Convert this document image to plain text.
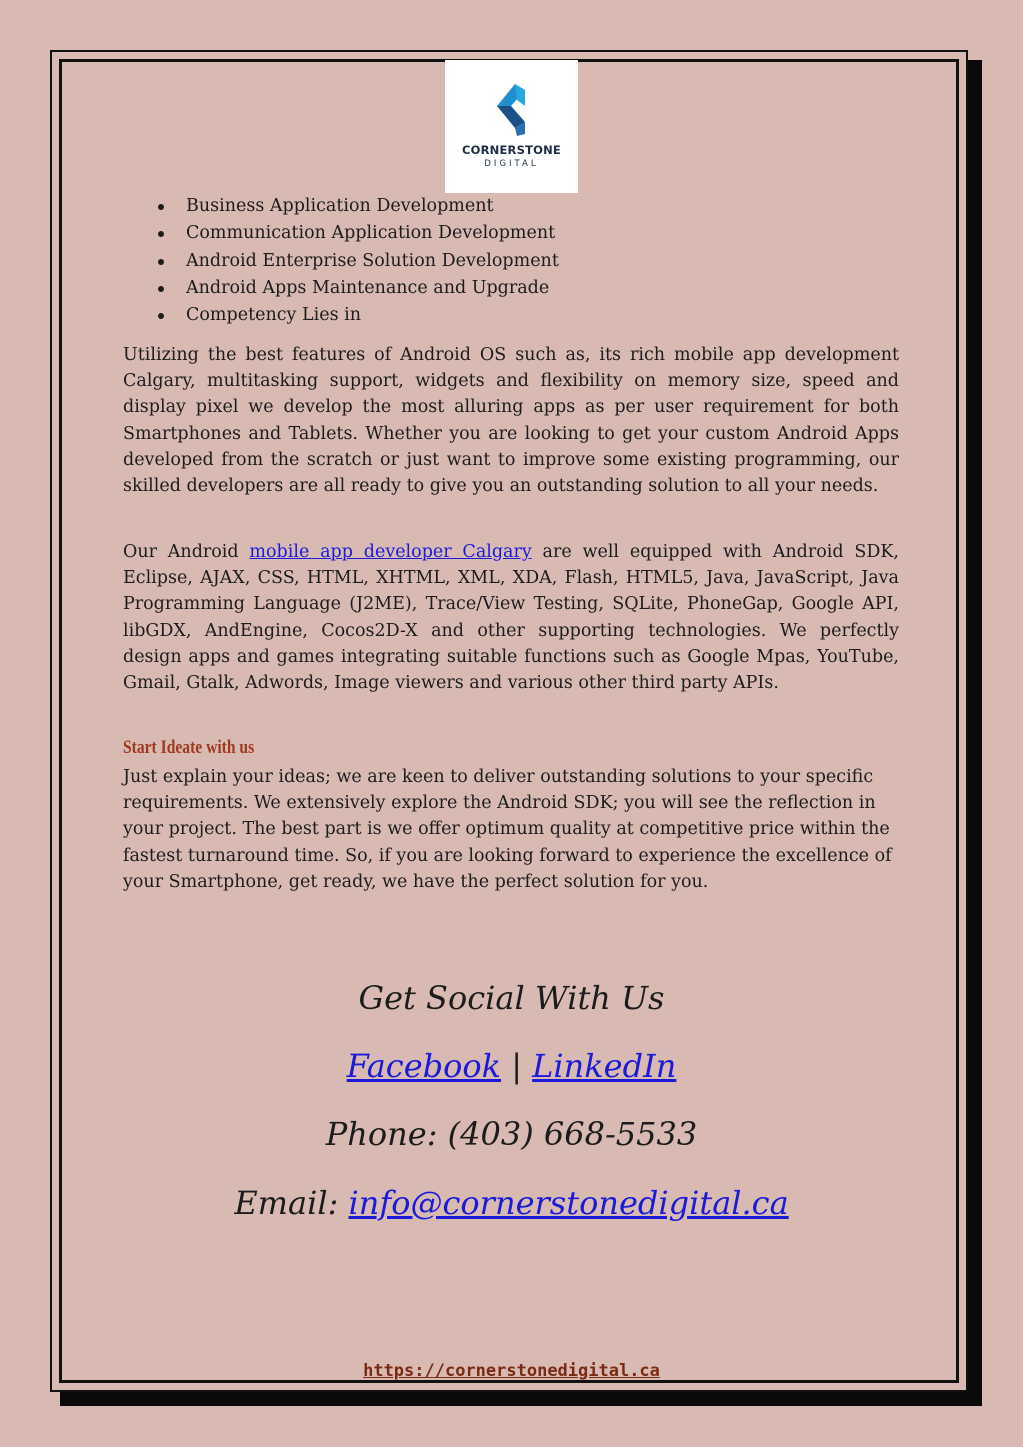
CORNERSTONE
DIGITAL
Business Application Development
Communication Application Development
Android Enterprise Solution Development
Android Apps Maintenance and Upgrade
Competency Lies in

Utilizing the best features of Android OS such as, its rich mobile app development Calgary, multitasking support, widgets and flexibility on memory size, speed and display pixel we develop the most alluring apps as per user requirement for both Smartphones and Tablets. Whether you are looking to get your custom Android Apps developed from the scratch or just want to improve some existing programming, our skilled developers are all ready to give you an outstanding solution to all your needs.

Our Android mobile app developer Calgary are well equipped with Android SDK, Eclipse, AJAX, CSS, HTML, XHTML, XML, XDA, Flash, HTML5, Java, JavaScript, Java Programming Language (J2ME), Trace/View Testing, SQLite, PhoneGap, Google API, libGDX, AndEngine, Cocos2D-X and other supporting technologies. We perfectly design apps and games integrating suitable functions such as Google Mpas, YouTube, Gmail, Gtalk, Adwords, Image viewers and various other third party APIs.

Start Ideate with us

Just explain your ideas; we are keen to deliver outstanding solutions to your specific requirements. We extensively explore the Android SDK; you will see the reflection in your project. The best part is we offer optimum quality at competitive price within the fastest turnaround time. So, if you are looking forward to experience the excellence of your Smartphone, get ready, we have the perfect solution for you.

Get Social With Us
Facebook | LinkedIn
Phone: (403) 668-5533
Email: info@cornerstonedigital.ca
https://cornerstonedigital.ca
